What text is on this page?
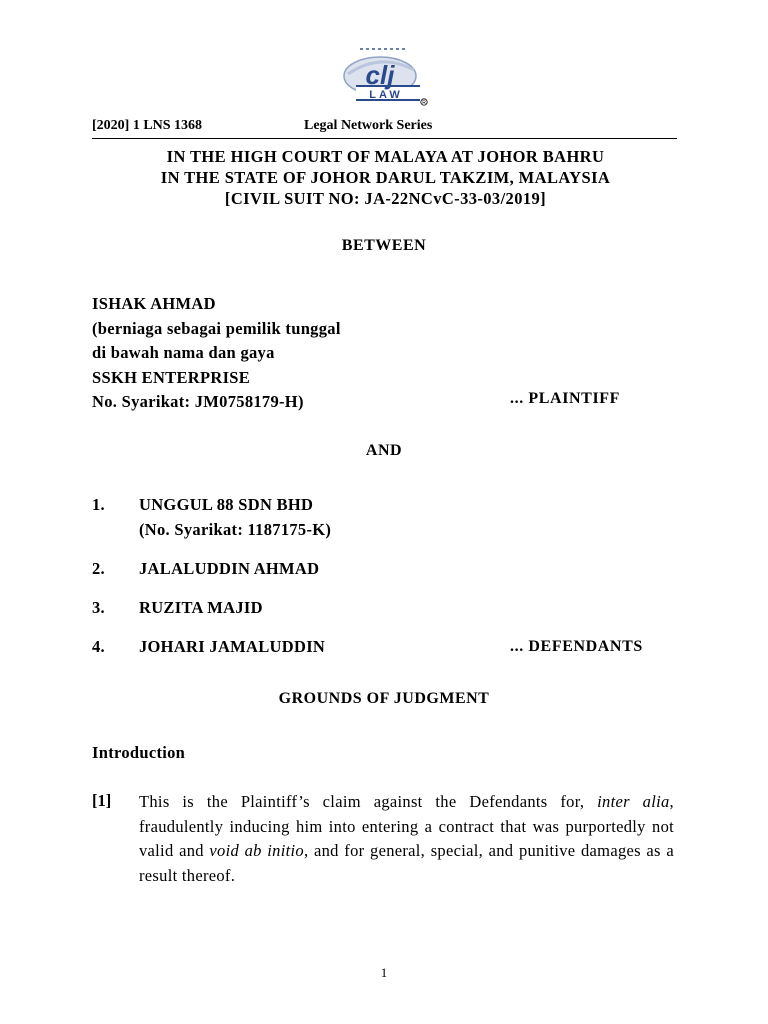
clj
LAW
R
[2020] 1 LNS 1368	Legal Network Series
IN THE HIGH COURT OF MALAYA AT JOHOR BAHRU
IN THE STATE OF JOHOR DARUL TAKZIM, MALAYSIA
[CIVIL SUIT NO: JA-22NCvC-33-03/2019]
BETWEEN
ISHAK AHMAD
(berniaga sebagai pemilik tunggal
di bawah nama dan gaya
SSKH ENTERPRISE
No. Syarikat: JM0758179-H)	... PLAINTIFF
AND
1. UNGGUL 88 SDN BHD
(No. Syarikat: 1187175-K)
2. JALALUDDIN AHMAD
3. RUZITA MAJID
4. JOHARI JAMALUDDIN	... DEFENDANTS
GROUNDS OF JUDGMENT
Introduction
[1] This is the Plaintiff’s claim against the Defendants for, inter alia, fraudulently inducing him into entering a contract that was purportedly not valid and void ab initio, and for general, special, and punitive damages as a result thereof.
1
